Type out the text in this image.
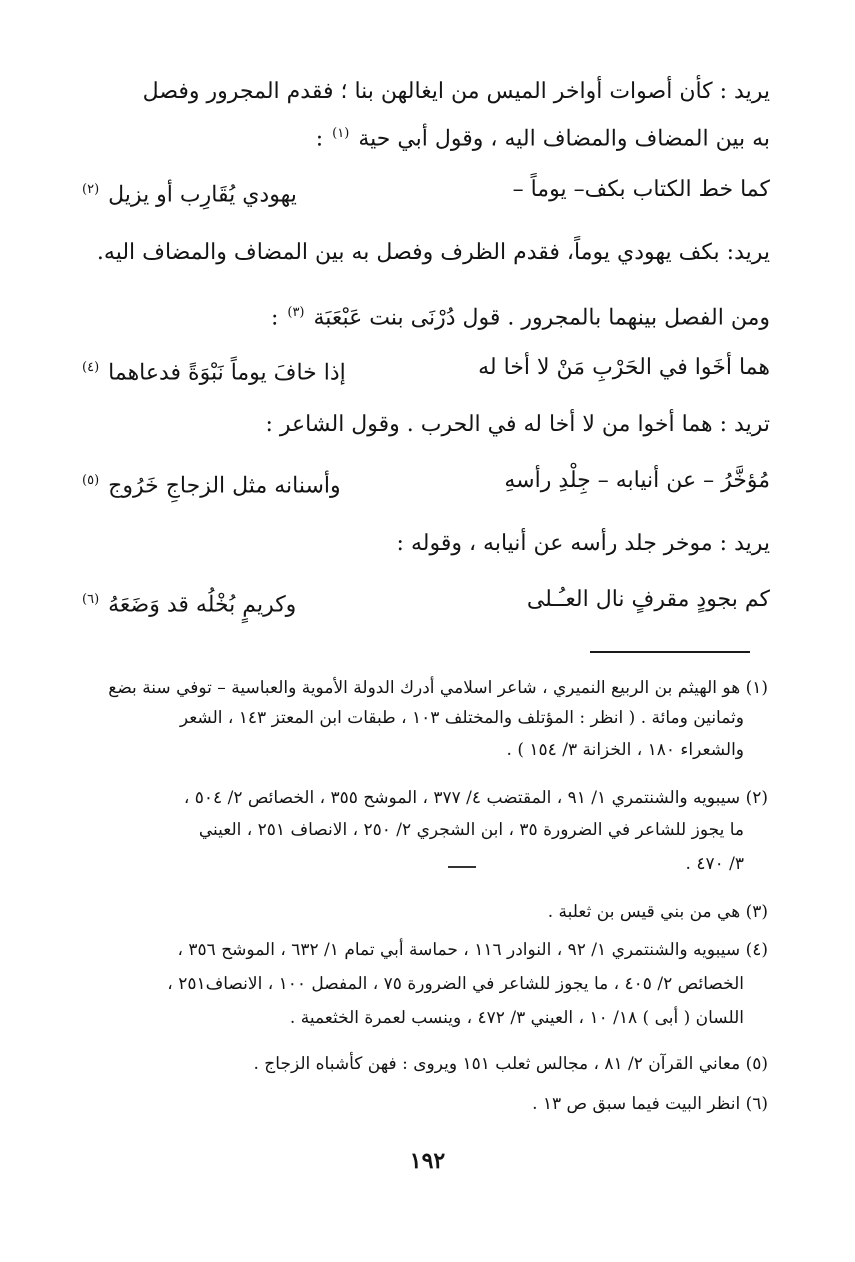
يريد : كأن أصوات أواخر الميس من ايغالهن بنا ؛ فقدم المجرور وفصل
به بين المضاف والمضاف اليه ، وقول أبي حية $^{(١)}$ :
كما خط الكتاب بكف– يوماً –
يهودي يُقَارِب أو يزيل $^{(٢)}$
يريد: بكف يهودي يوماً، فقدم الظرف وفصل به بين المضاف والمضاف اليه.
ومن الفصل بينهما بالمجرور . قول دُرْنَى بنت عَبْعَبَة $^{(٣)}$ :
هما أخَوا في الحَرْبِ مَنْ لا أخا له
إذا خافَ يوماً نَبْوَةً فدعاهما $^{(٤)}$
تريد : هما أخوا من لا أخا له في الحرب . وقول الشاعر :
مُؤخَّرُ – عن أنيابه – جِلْدِ رأسهِ
وأسنانه مثل الزجاجِ خَرُوج $^{(٥)}$
يريد : موخر جلد رأسه عن أنيابه ، وقوله :
كم بجودٍ مقرفٍ نال العـُـلى
وكريمٍ بُخْلُه قد وَضَعَهُ $^{(٦)}$
(١) هو الهيثم بن الربيع النميري ، شاعر اسلامي أدرك الدولة الأموية والعباسية – توفي سنة بضع
وثمانين ومائة . ( انظر : المؤتلف والمختلف ١٠٣ ، طبقات ابن المعتز ١٤٣ ، الشعر
والشعراء ١٨٠ ، الخزانة ٣/ ١٥٤ ) .
(٢) سيبويه والشنتمري ١/ ٩١ ، المقتضب ٤/ ٣٧٧ ، الموشح ٣٥٥ ، الخصائص ٢/ ٥٠٤ ،
ما يجوز للشاعر في الضرورة ٣٥ ، ابن الشجري ٢/ ٢٥٠ ، الانصاف ٢٥١ ، العيني
٣/ ٤٧٠ .
(٣) هي من بني قيس بن ثعلبة .
(٤) سيبويه والشنتمري ١/ ٩٢ ، النوادر ١١٦ ، حماسة أبي تمام ١/ ٦٣٢ ، الموشح ٣٥٦ ،
الخصائص ٢/ ٤٠٥ ، ما يجوز للشاعر في الضرورة ٧٥ ، المفصل ١٠٠ ، الانصاف٢٥١ ،
اللسان ( أبى ) ١٨/ ١٠ ، العيني ٣/ ٤٧٢ ، وينسب لعمرة الخثعمية .
(٥) معاني القرآن ٢/ ٨١ ، مجالس ثعلب ١٥١ ويروى : فهن كأشباه الزجاج .
(٦) انظر البيت فيما سبق ص ١٣ .
١٩٢
